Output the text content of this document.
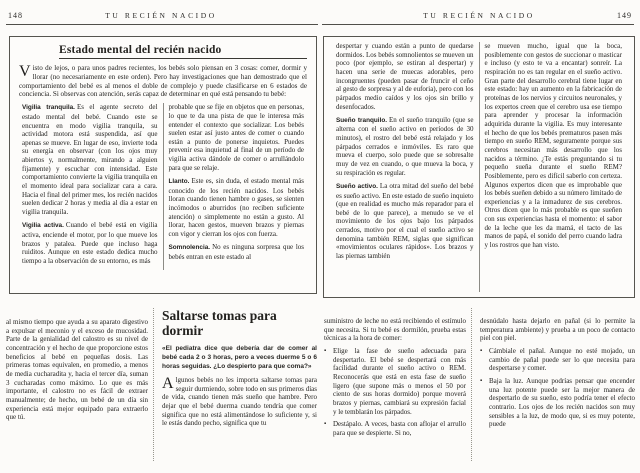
148	TU RECIÉN NACIDO
Estado mental del recién nacido

Visto de lejos, o para unos padres recientes, los bebés solo piensan en 3 cosas: comer, dormir y llorar (no necesariamente en este orden). Pero hay investigaciones que han demostrado que el comportamiento del bebé es al menos el doble de complejo y puede clasificarse en 6 estados de conciencia. Si observas con atención, serás capaz de determinar en qué está pensando tu bebé:

Vigilia tranquila. Es el agente secreto del estado mental del bebé. Cuando este se encuentra en modo vigilia tranquila, su actividad motora está suspendida, así que apenas se mueve. En lugar de eso, invierte toda su energía en observar (con los ojos muy abiertos y, normalmente, mirando a alguien fijamente) y escuchar con intensidad. Este comportamiento convierte la vigilia tranquila en el momento ideal para socializar cara a cara. Hacia el final del primer mes, los recién nacidos suelen dedicar 2 horas y media al día a estar en vigilia tranquila.

Vigilia activa. Cuando el bebé está en vigilia activa, enciende el motor, por lo que mueve los brazos y patalea. Puede que incluso haga ruiditos. Aunque en este estado dedica mucho tiempo a la observación de su entorno, es más

probable que se fije en objetos que en personas, lo que te da una pista de que le interesa más entender el contexto que socializar. Los bebés suelen estar así justo antes de comer o cuando están a punto de ponerse inquietos. Puedes prevenir esa inquietud al final de un período de vigilia activa dándole de comer o arrullándolo para que se relaje.

Llanto. Este es, sin duda, el estado mental más conocido de los recién nacidos. Los bebés lloran cuando tienen hambre o gases, se sienten incómodos o aburridos (no reciben suficiente atención) o simplemente no están a gusto. Al llorar, hacen gestos, mueven brazos y piernas con vigor y cierran los ojos con fuerza.

Somnolencia. No es ninguna sorpresa que los bebés entran en este estado al

al mismo tiempo que ayuda a su aparato digestivo a expulsar el meconio y el exceso de mucosidad. Parte de la genialidad del calostro es su nivel de concentración y el hecho de que proporcione estos beneficios al bebé en pequeñas dosis. Las primeras tomas equivalen, en promedio, a menos de media cucharadita y, hacia el tercer día, suman 3 cucharadas como máximo. Lo que es más importante, el calostro no es fácil de extraer manualmente; de hecho, un bebé de un día sin experiencia está mejor equipado para extraerlo que tú.

Saltarse tomas para dormir

«El pediatra dice que debería dar de comer al bebé cada 2 o 3 horas, pero a veces duerme 5 o 6 horas seguidas. ¿Lo despierto para que coma?»

Algunos bebés no les importa saltarse tomas para seguir durmiendo, sobre todo en sus primeros días de vida, cuando tienen más sueño que hambre. Pero dejar que el bebé duerma cuando tendría que comer significa que no está alimentándose lo suficiente y, si le estás dando pecho, significa que tu

TU RECIÉN NACIDO	149

despertar y cuando están a punto de quedarse dormidos. Los bebés somnolientos se mueven un poco (por ejemplo, se estiran al despertar) y hacen una serie de muecas adorables, pero incongruentes (pueden pasar de fruncir el ceño al gesto de sorpresa y al de euforia), pero con los párpados medio caídos y los ojos sin brillo y desenfocados.

Sueño tranquilo. En el sueño tranquilo (que se alterna con el sueño activo en períodos de 30 minutos), el rostro del bebé está relajado y los párpados cerrados e inmóviles. Es raro que mueva el cuerpo, solo puede que se sobresalte muy de vez en cuando, o que mueva la boca, y su respiración es regular.

Sueño activo. La otra mitad del sueño del bebé es sueño activo. En este estado de sueño inquieto (que en realidad es mucho más reparador para el bebé de lo que parece), a menudo se ve el movimiento de los ojos bajo los párpados cerrados, motivo por el cual el sueño activo se denomina también REM, siglas que significan «movimientos oculares rápidos». Los brazos y las piernas también

se mueven mucho, igual que la boca, posiblemente con gestos de succionar o masticar e incluso (y esto te va a encantar) sonreír. La respiración no es tan regular en el sueño activo. Gran parte del desarrollo cerebral tiene lugar en este estado: hay un aumento en la fabricación de proteínas de los nervios y circuitos neuronales, y los expertos creen que el cerebro usa ese tiempo para aprender y procesar la información adquirida durante la vigilia. Es muy interesante el hecho de que los bebés prematuros pasen más tiempo en sueño REM, seguramente porque sus cerebros necesitan más desarrollo que los nacidos a término. ¿Te estás preguntando si tu pequeño sueña durante el sueño REM? Posiblemente, pero es difícil saberlo con certeza. Algunos expertos dicen que es improbable que los bebés sueñen debido a su número limitado de experiencias y a la inmadurez de sus cerebros. Otros dicen que lo más probable es que sueñen con sus experiencias hasta el momento: el sabor de la leche que les da mamá, el tacto de las manos de papá, el sonido del perro cuando ladra y los rostros que han visto.

suministro de leche no está recibiendo el estímulo que necesita. Si tu bebé es dormilón, prueba estas técnicas a la hora de comer:

▪ Elige la fase de sueño adecuada para despertarlo. El bebé se despertará con más facilidad durante el sueño activo o REM. Reconocerás que está en esta fase de sueño ligero (que supone más o menos el 50 por ciento de sus horas dormido) porque moverá brazos y piernas, cambiará su expresión facial y le temblarán los párpados.
▪ Destápalo. A veces, basta con aflojar el arrullo para que se despierte. Si no,

desnúdalo hasta dejarlo en pañal (si lo permite la temperatura ambiente) y prueba a un poco de contacto piel con piel.

▪ Cámbiale el pañal. Aunque no esté mojado, un cambio de pañal puede ser lo que necesita para despertarse y comer.
▪ Baja la luz. Aunque podrías pensar que encender una luz potente puede ser la mejor manera de despertarlo de su sueño, esto podría tener el efecto contrario. Los ojos de los recién nacidos son muy sensibles a la luz, de modo que, si es muy potente, puede
